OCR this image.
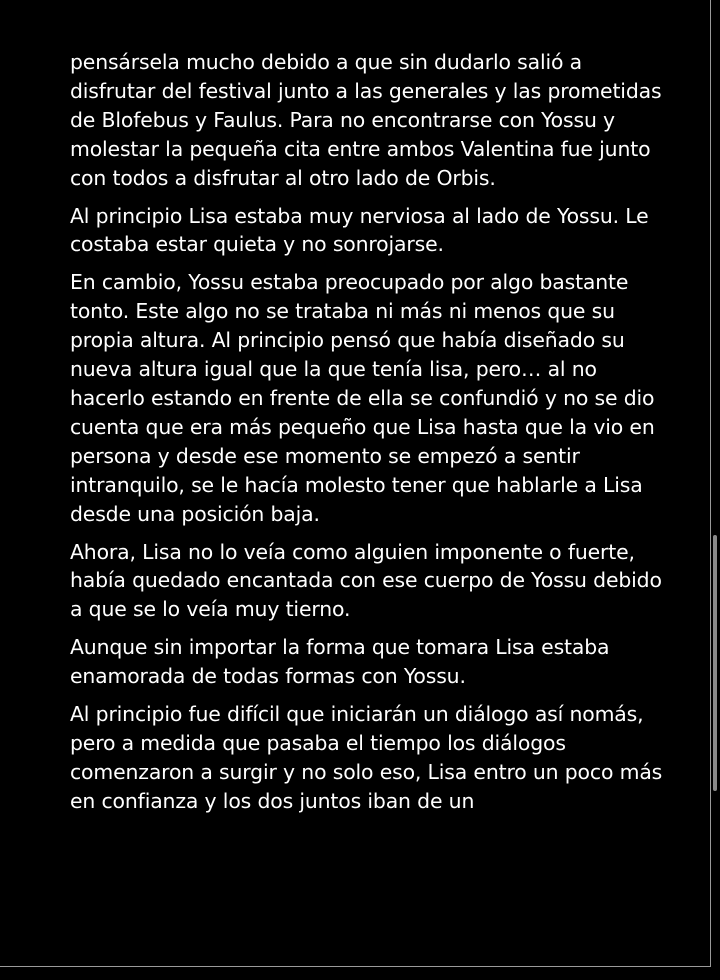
pensársela mucho debido a que sin dudarlo salió a disfrutar del festival junto a las generales y las prometidas de Blofebus y Faulus. Para no encontrarse con Yossu y molestar la pequeña cita entre ambos Valentina fue junto con todos a disfrutar al otro lado de Orbis.

Al principio Lisa estaba muy nerviosa al lado de Yossu. Le costaba estar quieta y no sonrojarse.

En cambio, Yossu estaba preocupado por algo bastante tonto. Este algo no se trataba ni más ni menos que su propia altura. Al principio pensó que había diseñado su nueva altura igual que la que tenía lisa, pero… al no hacerlo estando en frente de ella se confundió y no se dio cuenta que era más pequeño que Lisa hasta que la vio en persona y desde ese momento se empezó a sentir intranquilo, se le hacía molesto tener que hablarle a Lisa desde una posición baja.

Ahora, Lisa no lo veía como alguien imponente o fuerte, había quedado encantada con ese cuerpo de Yossu debido a que se lo veía muy tierno.

Aunque sin importar la forma que tomara Lisa estaba enamorada de todas formas con Yossu.

Al principio fue difícil que iniciarán un diálogo así nomás, pero a medida que pasaba el tiempo los diálogos comenzaron a surgir y no solo eso, Lisa entro un poco más en confianza y los dos juntos iban de un
